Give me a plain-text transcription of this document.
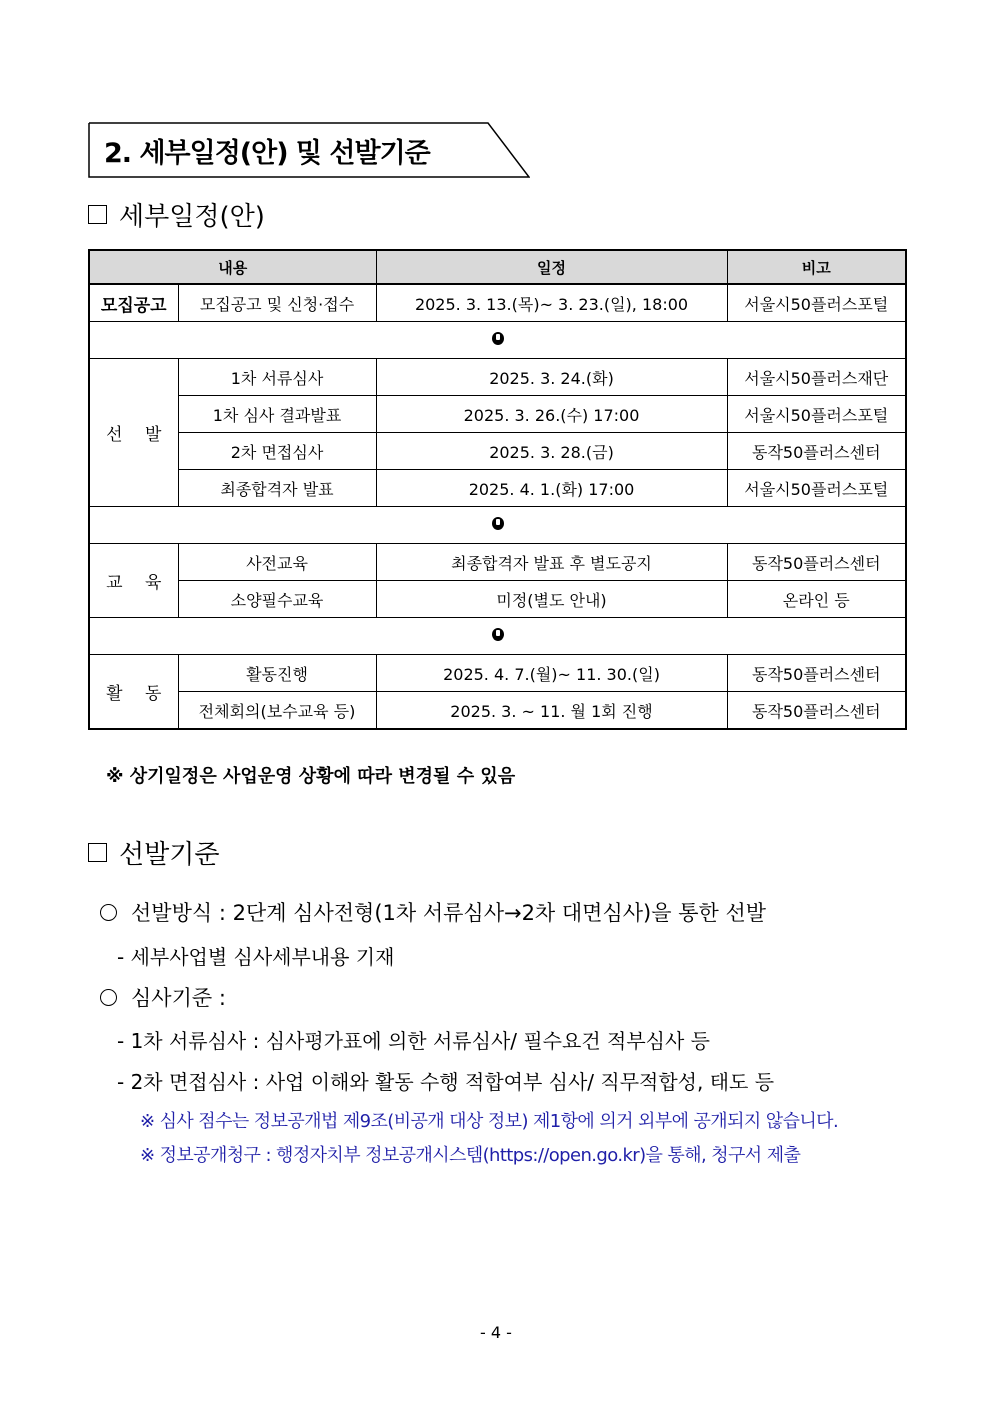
2. 세부일정(안) 및 선발기준
세부일정(안)
내용		일정	비고
모집공고	모집공고 및 신청·접수	2025. 3. 13.(목)~ 3. 23.(일), 18:00	서울시50플러스포털

선　 발	1차 서류심사	2025. 3. 24.(화)	서울시50플러스재단
	1차 심사 결과발표	2025. 3. 26.(수) 17:00	서울시50플러스포털
	2차 면접심사	2025. 3. 28.(금)	동작50플러스센터
	최종합격자 발표	2025. 4. 1.(화) 17:00	서울시50플러스포털

교　 육	사전교육	최종합격자 발표 후 별도공지	동작50플러스센터
	소양필수교육	미정(별도 안내)	온라인 등

활　 동	활동진행	2025. 4. 7.(월)~ 11. 30.(일)	동작50플러스센터
	전체회의(보수교육 등)	2025. 3. ~ 11. 월 1회 진행	동작50플러스센터
※ 상기일정은 사업운영 상황에 따라 변경될 수 있음
선발기준
선발방식 : 2단계 심사전형(1차 서류심사→2차 대면심사)을 통한 선발
- 세부사업별 심사세부내용 기재
심사기준 :
- 1차 서류심사 : 심사평가표에 의한 서류심사/ 필수요건 적부심사 등
- 2차 면접심사 : 사업 이해와 활동 수행 적합여부 심사/ 직무적합성, 태도 등
※ 심사 점수는 정보공개법 제9조(비공개 대상 정보) 제1항에 의거 외부에 공개되지 않습니다.
※ 정보공개청구 : 행정자치부 정보공개시스템(https://open.go.kr)을 통해, 청구서 제출
- 4 -
